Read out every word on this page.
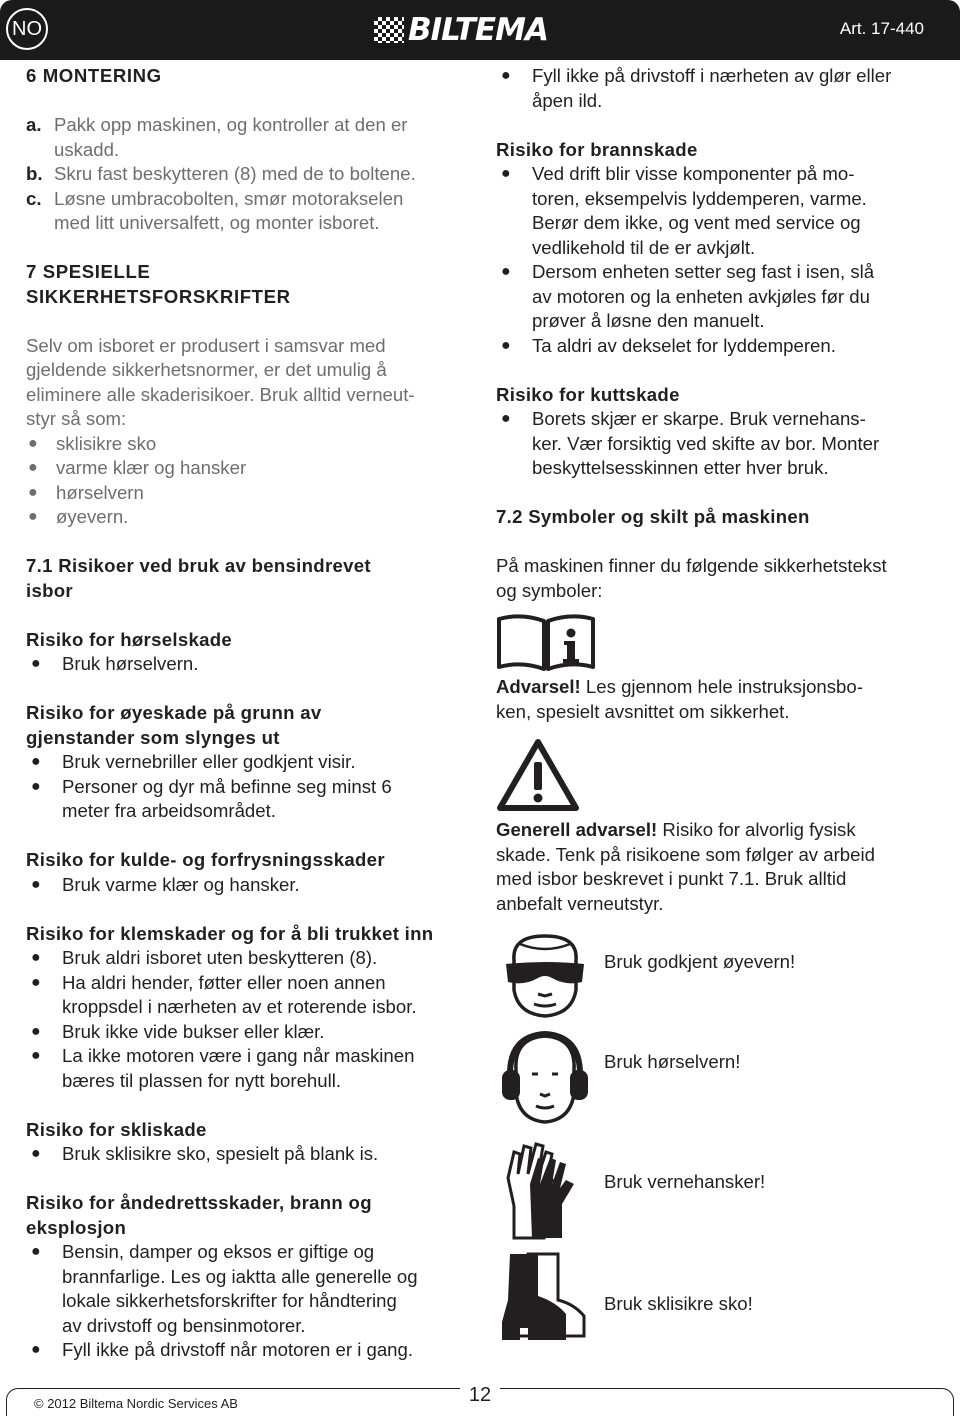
NO	BILTEMA	Art. 17-440
6 MONTERING
a. Pakk opp maskinen, og kontroller at den er
uskadd.
b. Skru fast beskytteren (8) med de to boltene.
c. Løsne umbracobolten, smør motorakselen
med litt universalfett, og monter isboret.
7 SPESIELLE
SIKKERHETSFORSKRIFTER
Selv om isboret er produsert i samsvar med
gjeldende sikkerhetsnormer, er det umulig å
eliminere alle skaderisikoer. Bruk alltid verneut-
styr så som:
● sklisikre sko
● varme klær og hansker
● hørselvern
● øyevern.
7.1 Risikoer ved bruk av bensindrevet
isbor
Risiko for hørselskade
●	Bruk hørselvern.
Risiko for øyeskade på grunn av
gjenstander som slynges ut
●	Bruk vernebriller eller godkjent visir.
●	Personer og dyr må befinne seg minst 6
meter fra arbeidsområdet.
Risiko for kulde- og forfrysningsskader
●	Bruk varme klær og hansker.
Risiko for klemskader og for å bli trukket inn
●	Bruk aldri isboret uten beskytteren (8).
●	Ha aldri hender, føtter eller noen annen
kroppsdel i nærheten av et roterende isbor.
●	Bruk ikke vide bukser eller klær.
●	La ikke motoren være i gang når maskinen
bæres til plassen for nytt borehull.
Risiko for skliskade
●	Bruk sklisikre sko, spesielt på blank is.
Risiko for åndedrettsskader, brann og
eksplosjon
●	Bensin, damper og eksos er giftige og
brannfarlige. Les og iaktta alle generelle og
lokale sikkerhetsforskrifter for håndtering
av drivstoff og bensinmotorer.
●	Fyll ikke på drivstoff når motoren er i gang.
●	Fyll ikke på drivstoff i nærheten av glør eller
åpen ild.
Risiko for brannskade
●	Ved drift blir visse komponenter på mo-
toren, eksempelvis lyddemperen, varme.
Berør dem ikke, og vent med service og
vedlikehold til de er avkjølt.
●	Dersom enheten setter seg fast i isen, slå
av motoren og la enheten avkjøles før du
prøver å løsne den manuelt.
●	Ta aldri av dekselet for lyddemperen.
Risiko for kuttskade
●	Borets skjær er skarpe. Bruk vernehans-
ker. Vær forsiktig ved skifte av bor. Monter
beskyttelsesskinnen etter hver bruk.
7.2 Symboler og skilt på maskinen
På maskinen finner du følgende sikkerhetstekst
og symboler:
Advarsel! Les gjennom hele instruksjonsbo-
ken, spesielt avsnittet om sikkerhet.
Generell advarsel! Risiko for alvorlig fysisk
skade. Tenk på risikoene som følger av arbeid
med isbor beskrevet i punkt 7.1. Bruk alltid
anbefalt verneutstyr.
Bruk godkjent øyevern!
Bruk hørselvern!
Bruk vernehansker!
Bruk sklisikre sko!
© 2012 Biltema Nordic Services AB	12
